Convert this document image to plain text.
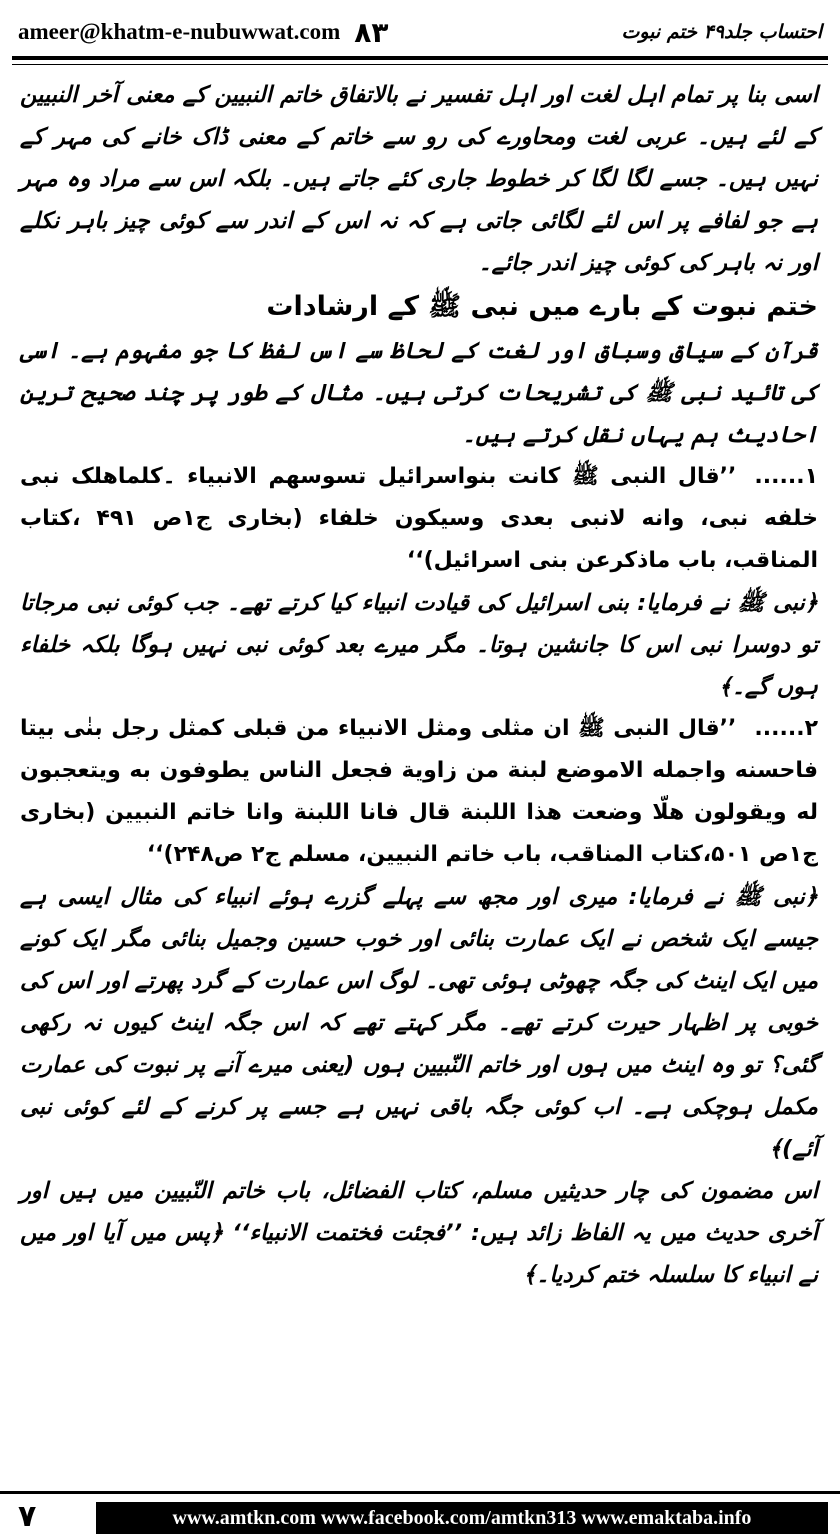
ameer@khatm-e-nubuwwat.com ۸۳	احتساب جلد۴۹ ختم نبوت

اسی بنا پر تمام اہل لغت اور اہل تفسیر نے بالاتفاق خاتم النبیین کے معنی آخر النبیین کے لئے ہیں۔ عربی لغت ومحاورے کی رو سے خاتم کے معنی ڈاک خانے کی مہر کے نہیں ہیں۔ جسے لگا لگا کر خطوط جاری کئے جاتے ہیں۔ بلکہ اس سے مراد وہ مہر ہے جو لفافے پر اس لئے لگائی جاتی ہے کہ نہ اس کے اندر سے کوئی چیز باہر نکلے اور نہ باہر کی کوئی چیز اندر جائے۔

ختم نبوت کے بارے میں نبی ﷺ کے ارشادات

قرآن کے سیاق وسباق اور لغت کے لحاظ سے اس لفظ کا جو مفہوم ہے۔ اسی کی تائید نبی ﷺ کی تشریحات کرتی ہیں۔ مثال کے طور پر چند صحیح ترین احادیث ہم یہاں نقل کرتے ہیں۔

۱......’’قال النبی ﷺ کانت بنواسرائیل تسوسھم الانبیاء ۔کلماھلک نبی خلفه نبی، وانه لانبی بعدی وسیکون خلفاء (بخاری ج۱ص ۴۹۱ ،کتاب المناقب، باب ماذکرعن بنی اسرائیل)‘‘

﴿نبی ﷺ نے فرمایا: بنی اسرائیل کی قیادت انبیاء کیا کرتے تھے۔ جب کوئی نبی مرجاتا تو دوسرا نبی اس کا جانشین ہوتا۔ مگر میرے بعد کوئی نبی نہیں ہوگا بلکہ خلفاء ہوں گے۔﴾

۲......’’قال النبی ﷺ ان مثلی ومثل الانبیاء من قبلی کمثل رجل بنٰی بیتا فاحسنه واجمله الاموضع لبنة من زاویة فجعل الناس یطوفون به ویتعجبون له ویقولون هلّا وضعت هذا اللبنة قال فانا اللبنة وانا خاتم النبیین (بخاری ج۱ص ۵۰۱،کتاب المناقب، باب خاتم النبیین، مسلم ج۲ ص۲۴۸)‘‘

﴿نبی ﷺ نے فرمایا: میری اور مجھ سے پہلے گزرے ہوئے انبیاء کی مثال ایسی ہے جیسے ایک شخص نے ایک عمارت بنائی اور خوب حسین وجمیل بنائی مگر ایک کونے میں ایک اینٹ کی جگہ چھوٹی ہوئی تھی۔ لوگ اس عمارت کے گرد پھرتے اور اس کی خوبی پر اظہار حیرت کرتے تھے۔ مگر کہتے تھے کہ اس جگہ اینٹ کیوں نہ رکھی گئی؟ تو وہ اینٹ میں ہوں اور خاتم النّبیین ہوں (یعنی میرے آنے پر نبوت کی عمارت مکمل ہوچکی ہے۔ اب کوئی جگہ باقی نہیں ہے جسے پر کرنے کے لئے کوئی نبی آئے)﴾

اس مضمون کی چار حدیثیں مسلم، کتاب الفضائل، باب خاتم النّبیین میں ہیں اور آخری حدیث میں یہ الفاظ زائد ہیں: ’’فجئت فختمت الانبیاء‘‘ ﴿پس میں آیا اور میں نے انبیاء کا سلسلہ ختم کردیا۔﴾

۷	www.amtkn.com www.facebook.com/amtkn313 www.emaktaba.info
